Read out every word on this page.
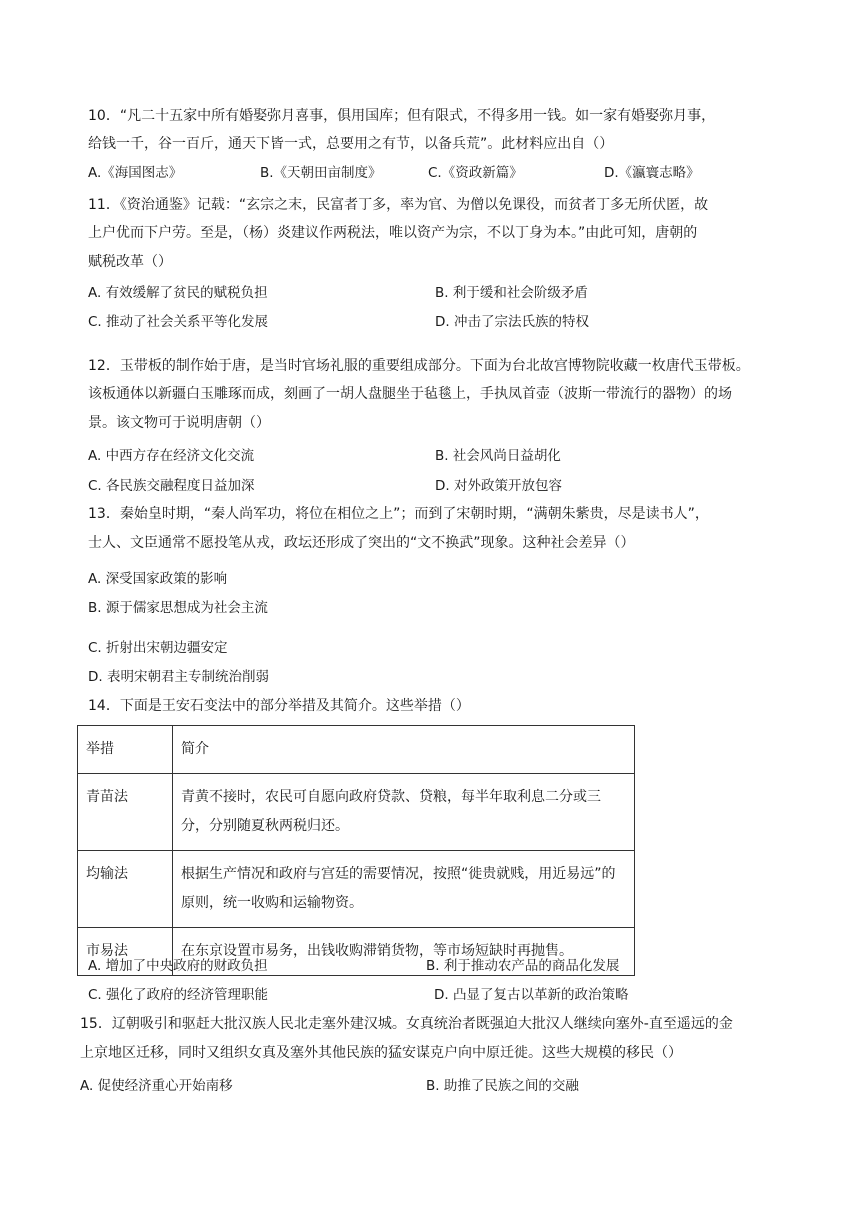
10．“凡二十五家中所有婚娶弥月喜事，俱用国库；但有限式，不得多用一钱。如一家有婚娶弥月事，
给钱一千，谷一百斤，通天下皆一式，总要用之有节，以备兵荒”。此材料应出自（）
A.《海国图志》	B.《天朝田亩制度》	C.《资政新篇》	D.《瀛寰志略》
11．《资治通鉴》记载：“玄宗之末，民富者丁多，率为官、为僧以免课役，而贫者丁多无所伏匿，故
上户优而下户劳。至是，（杨）炎建议作两税法，唯以资产为宗，不以丁身为本。”由此可知，唐朝的
赋税改革（）
A. 有效缓解了贫民的赋税负担	B. 利于缓和社会阶级矛盾
C. 推动了社会关系平等化发展	D. 冲击了宗法氏族的特权
12．玉带板的制作始于唐，是当时官场礼服的重要组成部分。下面为台北故宫博物院收藏一枚唐代玉带板。
该板通体以新疆白玉雕琢而成，刻画了一胡人盘腿坐于毡毯上，手执凤首壶（波斯一带流行的器物）的场
景。该文物可于说明唐朝（）
A. 中西方存在经济文化交流	B. 社会风尚日益胡化
C. 各民族交融程度日益加深	D. 对外政策开放包容
13．秦始皇时期，“秦人尚军功，将位在相位之上”；而到了宋朝时期，“满朝朱紫贵，尽是读书人”，
士人、文臣通常不愿投笔从戎，政坛还形成了突出的“文不换武”现象。这种社会差异（）
A. 深受国家政策的影响
B. 源于儒家思想成为社会主流
C. 折射出宋朝边疆安定
D. 表明宋朝君主专制统治削弱
14．下面是王安石变法中的部分举措及其简介。这些举措（）
举措	简介
青苗法	青黄不接时，农民可自愿向政府贷款、贷粮，每半年取利息二分或三分，分别随夏秋两税归还。
均输法	根据生产情况和政府与宫廷的需要情况，按照“徙贵就贱，用近易远”的原则，统一收购和运输物资。
市易法	在东京设置市易务，出钱收购滞销货物，等市场短缺时再抛售。
A. 增加了中央政府的财政负担	B. 利于推动农产品的商品化发展
C. 强化了政府的经济管理职能	D. 凸显了复古以革新的政治策略
15．辽朝吸引和驱赶大批汉族人民北走塞外建汉城。女真统治者既强迫大批汉人继续向塞外-直至遥远的金
上京地区迁移，同时又组织女真及塞外其他民族的猛安谋克户向中原迁徙。这些大规模的移民（）
A. 促使经济重心开始南移	B. 助推了民族之间的交融
